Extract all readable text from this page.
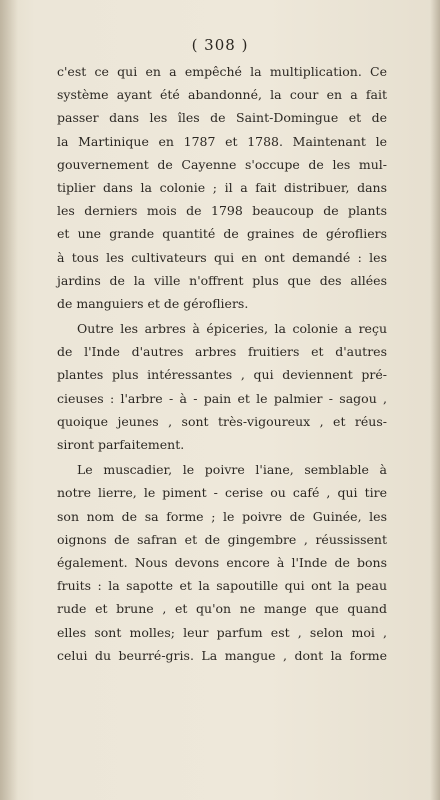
( 308 )
c'est ce qui en a empêché la multiplication. Ce
système ayant été abandonné, la cour en a fait
passer dans les îles de Saint-Domingue et de
la Martinique en 1787 et 1788. Maintenant le
gouvernement de Cayenne s'occupe de les mul-
tiplier dans la colonie ; il a fait distribuer, dans
les derniers mois de 1798 beaucoup de plants
et une grande quantité de graines de gérofliers
à tous les cultivateurs qui en ont demandé : les
jardins de la ville n'offrent plus que des allées
de manguiers et de gérofliers.
Outre les arbres à épiceries, la colonie a reçu
de l'Inde d'autres arbres fruitiers et d'autres
plantes plus intéressantes , qui deviennent pré-
cieuses : l'arbre - à - pain et le palmier - sagou ,
quoique jeunes , sont très-vigoureux , et réus-
siront parfaitement.
Le muscadier, le poivre l'iane, semblable à
notre lierre, le piment - cerise ou café , qui tire
son nom de sa forme ; le poivre de Guinée, les
oignons de safran et de gingembre , réussissent
également. Nous devons encore à l'Inde de bons
fruits : la sapotte et la sapoutille qui ont la peau
rude et brune , et qu'on ne mange que quand
elles sont molles; leur parfum est , selon moi ,
celui du beurré-gris. La mangue , dont la forme
